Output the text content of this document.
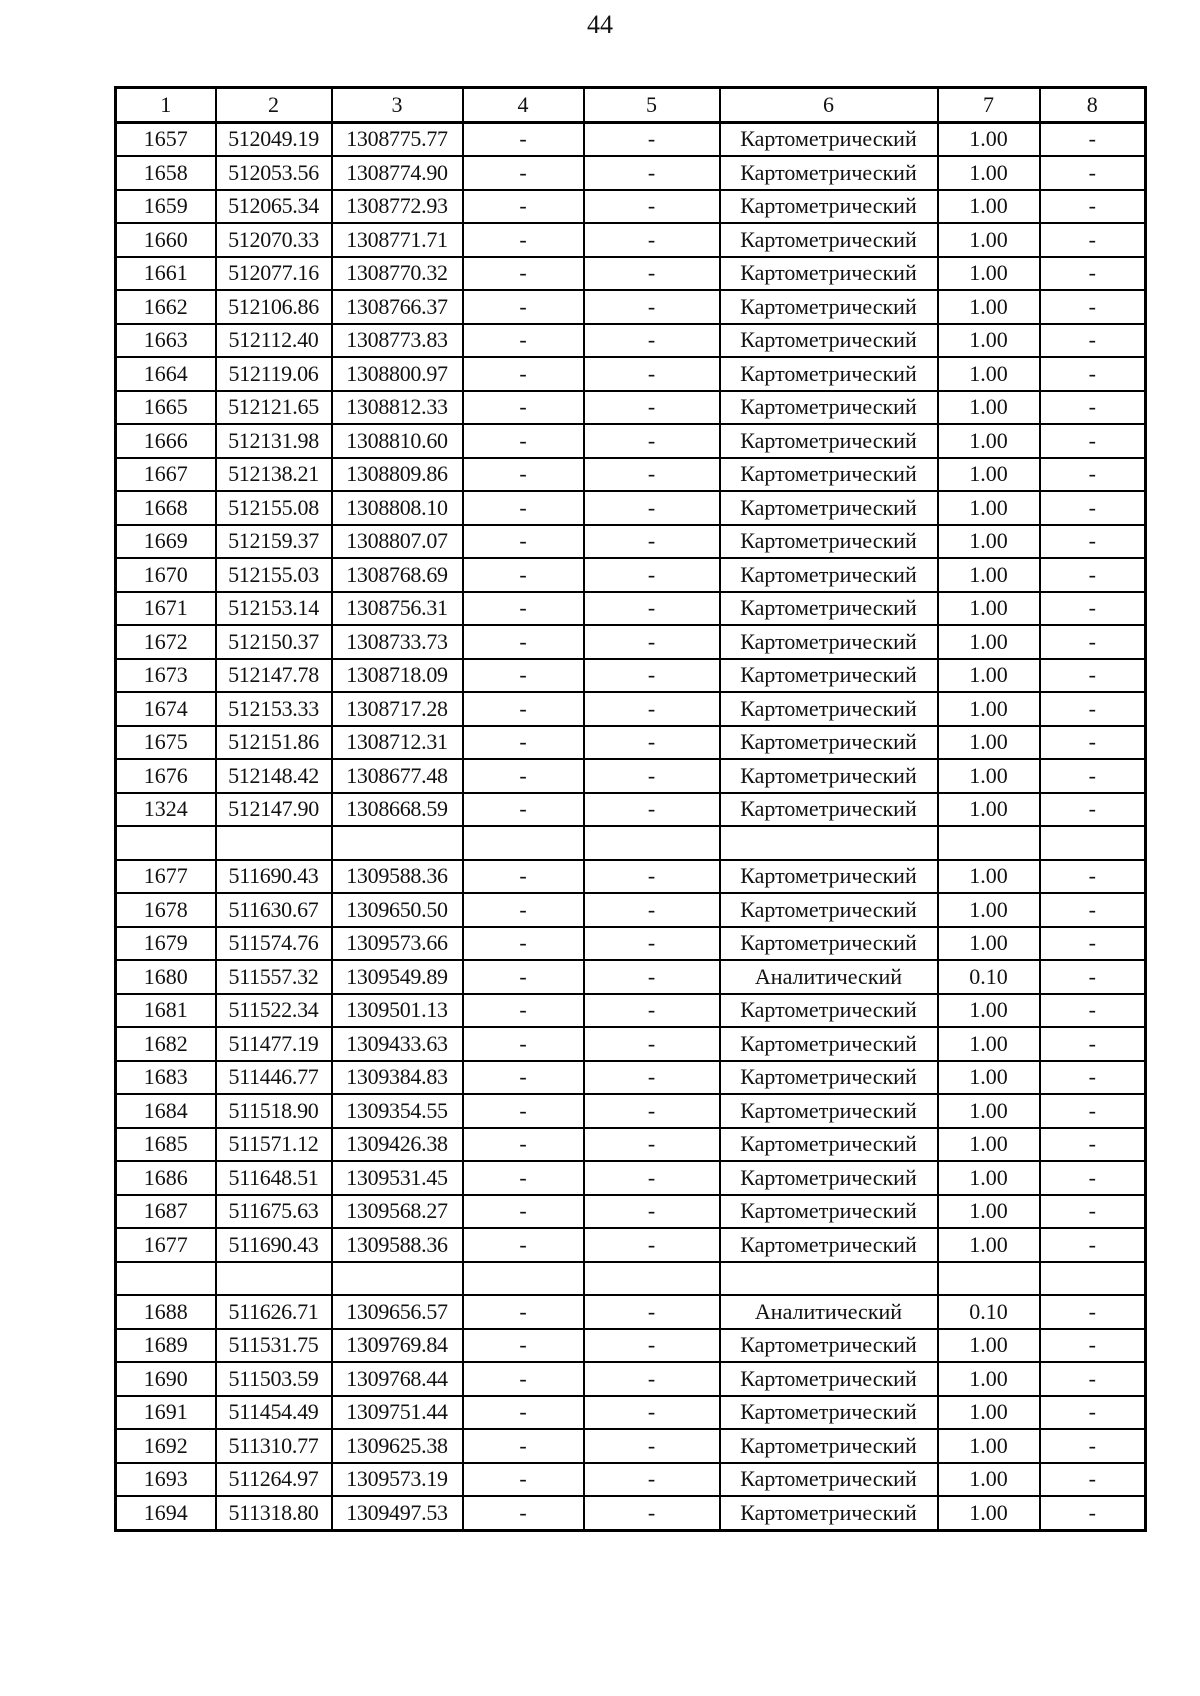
44
1	2	3	4	5	6	7	8
1657	512049.19	1308775.77	-	-	Картометрический	1.00	-
1658	512053.56	1308774.90	-	-	Картометрический	1.00	-
1659	512065.34	1308772.93	-	-	Картометрический	1.00	-
1660	512070.33	1308771.71	-	-	Картометрический	1.00	-
1661	512077.16	1308770.32	-	-	Картометрический	1.00	-
1662	512106.86	1308766.37	-	-	Картометрический	1.00	-
1663	512112.40	1308773.83	-	-	Картометрический	1.00	-
1664	512119.06	1308800.97	-	-	Картометрический	1.00	-
1665	512121.65	1308812.33	-	-	Картометрический	1.00	-
1666	512131.98	1308810.60	-	-	Картометрический	1.00	-
1667	512138.21	1308809.86	-	-	Картометрический	1.00	-
1668	512155.08	1308808.10	-	-	Картометрический	1.00	-
1669	512159.37	1308807.07	-	-	Картометрический	1.00	-
1670	512155.03	1308768.69	-	-	Картометрический	1.00	-
1671	512153.14	1308756.31	-	-	Картометрический	1.00	-
1672	512150.37	1308733.73	-	-	Картометрический	1.00	-
1673	512147.78	1308718.09	-	-	Картометрический	1.00	-
1674	512153.33	1308717.28	-	-	Картометрический	1.00	-
1675	512151.86	1308712.31	-	-	Картометрический	1.00	-
1676	512148.42	1308677.48	-	-	Картометрический	1.00	-
1324	512147.90	1308668.59	-	-	Картометрический	1.00	-

1677	511690.43	1309588.36	-	-	Картометрический	1.00	-
1678	511630.67	1309650.50	-	-	Картометрический	1.00	-
1679	511574.76	1309573.66	-	-	Картометрический	1.00	-
1680	511557.32	1309549.89	-	-	Аналитический	0.10	-
1681	511522.34	1309501.13	-	-	Картометрический	1.00	-
1682	511477.19	1309433.63	-	-	Картометрический	1.00	-
1683	511446.77	1309384.83	-	-	Картометрический	1.00	-
1684	511518.90	1309354.55	-	-	Картометрический	1.00	-
1685	511571.12	1309426.38	-	-	Картометрический	1.00	-
1686	511648.51	1309531.45	-	-	Картометрический	1.00	-
1687	511675.63	1309568.27	-	-	Картометрический	1.00	-
1677	511690.43	1309588.36	-	-	Картометрический	1.00	-

1688	511626.71	1309656.57	-	-	Аналитический	0.10	-
1689	511531.75	1309769.84	-	-	Картометрический	1.00	-
1690	511503.59	1309768.44	-	-	Картометрический	1.00	-
1691	511454.49	1309751.44	-	-	Картометрический	1.00	-
1692	511310.77	1309625.38	-	-	Картометрический	1.00	-
1693	511264.97	1309573.19	-	-	Картометрический	1.00	-
1694	511318.80	1309497.53	-	-	Картометрический	1.00	-
